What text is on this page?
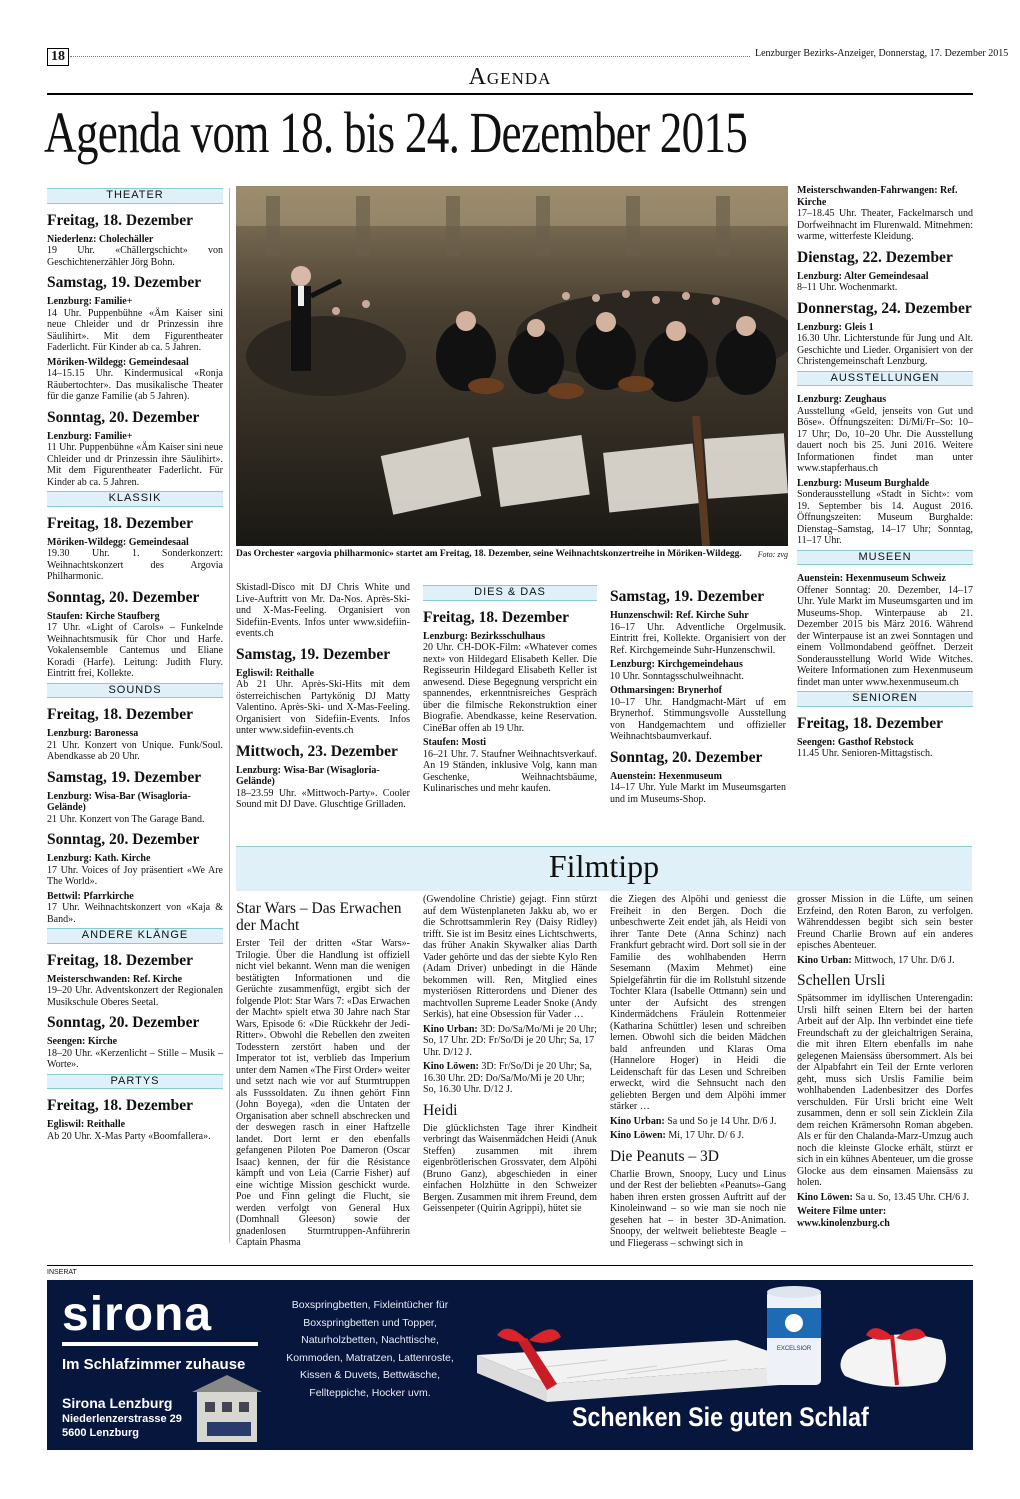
18	Lenzburger Bezirks-Anzeiger, Donnerstag, 17. Dezember 2015
Agenda
Agenda vom 18. bis 24. Dezember 2015
THEATER
Freitag, 18. Dezember
Niederlenz: Cholechäller
19 Uhr. «Chällergschicht» von Geschichtenerzähler Jörg Bohn.
Samstag, 19. Dezember
Lenzburg: Familie+
14 Uhr. Puppenbühne «Äm Kaiser sini neue Chleider und dr Prinzessin ihre Säulihirt». Mit dem Figurentheater Faderlicht. Für Kinder ab ca. 5 Jahren.
Möriken-Wildegg: Gemeindesaal
14–15.15 Uhr. Kindermusical «Ronja Räubertochter». Das musikalische Theater für die ganze Familie (ab 5 Jahren).
Sonntag, 20. Dezember
Lenzburg: Familie+
11 Uhr. Puppenbühne «Äm Kaiser sini neue Chleider und dr Prinzessin ihre Säulihirt». Mit dem Figurentheater Faderlicht. Für Kinder ab ca. 5 Jahren.
KLASSIK
Freitag, 18. Dezember
Möriken-Wildegg: Gemeindesaal
19.30 Uhr. 1. Sonderkonzert: Weihnachtskonzert des Argovia Philharmonic.
Sonntag, 20. Dezember
Staufen: Kirche Staufberg
17 Uhr. «Light of Carols» – Funkelnde Weihnachtsmusik für Chor und Harfe. Vokalensemble Cantemus und Eliane Koradi (Harfe). Leitung: Judith Flury. Eintritt frei, Kollekte.
SOUNDS
Freitag, 18. Dezember
Lenzburg: Baronessa
21 Uhr. Konzert von Unique. Funk/Soul. Abendkasse ab 20 Uhr.
Samstag, 19. Dezember
Lenzburg: Wisa-Bar (Wisagloria-Gelände)
21 Uhr. Konzert von The Garage Band.
Sonntag, 20. Dezember
Lenzburg: Kath. Kirche
17 Uhr. Voices of Joy präsentiert «We Are The World».
Bettwil: Pfarrkirche
17 Uhr. Weihnachtskonzert von «Kaja & Band».
ANDERE KLÄNGE
Freitag, 18. Dezember
Meisterschwanden: Ref. Kirche
19–20 Uhr. Adventskonzert der Regionalen Musikschule Oberes Seetal.
Sonntag, 20. Dezember
Seengen: Kirche
18–20 Uhr. «Kerzenlicht – Stille – Musik – Worte».
PARTYS
Freitag, 18. Dezember
Egliswil: Reithalle
Ab 20 Uhr. X-Mas Party «Boomfallera».
Skistadl-Disco mit DJ Chris White und Live-Auftritt von Mr. Da-Nos. Après-Ski- und X-Mas-Feeling. Organisiert von Sidefiin-Events. Infos unter www.sidefiin-events.ch
Samstag, 19. Dezember
Egliswil: Reithalle
Ab 21 Uhr. Après-Ski-Hits mit dem österreichischen Partykönig DJ Matty Valentino. Après-Ski- und X-Mas-Feeling. Organisiert von Sidefiin-Events. Infos unter www.sidefiin-events.ch
Mittwoch, 23. Dezember
Lenzburg: Wisa-Bar (Wisagloria-Gelände)
18–23.59 Uhr. «Mittwoch-Party». Cooler Sound mit DJ Dave. Gluschtige Grilladen.
DIES & DAS
Freitag, 18. Dezember
Lenzburg: Bezirksschulhaus
20 Uhr. CH-DOK-Film: «Whatever comes next» von Hildegard Elisabeth Keller. Die Regisseurin Hildegard Elisabeth Keller ist anwesend. Diese Begegnung verspricht ein spannendes, erkenntnisreiches Gespräch über die filmische Rekonstruktion einer Biografie. Abendkasse, keine Reservation. CinéBar offen ab 19 Uhr.
Staufen: Mosti
16–21 Uhr. 7. Staufner Weihnachtsverkauf. An 19 Ständen, inklusive Volg, kann man Geschenke, Weihnachtsbäume, Kulinarisches und mehr kaufen.
Samstag, 19. Dezember
Hunzenschwil: Ref. Kirche Suhr
16–17 Uhr. Adventliche Orgelmusik. Eintritt frei, Kollekte. Organisiert von der Ref. Kirchgemeinde Suhr-Hunzenschwil.
Lenzburg: Kirchgemeindehaus
10 Uhr. Sonntagsschulweihnacht.
Othmarsingen: Brynerhof
10–17 Uhr. Handgmacht-Märt uf em Brynerhof. Stimmungsvolle Ausstellung von Handgemachtem und offizieller Weihnachtsbaumverkauf.
Sonntag, 20. Dezember
Auenstein: Hexenmuseum
14–17 Uhr. Yule Markt im Museumsgarten und im Museums-Shop.
Meisterschwanden-Fahrwangen: Ref. Kirche
17–18.45 Uhr. Theater, Fackelmarsch und Dorfweihnacht im Flurenwald. Mitnehmen: warme, witterfeste Kleidung.
Dienstag, 22. Dezember
Lenzburg: Alter Gemeindesaal
8–11 Uhr. Wochenmarkt.
Donnerstag, 24. Dezember
Lenzburg: Gleis 1
16.30 Uhr. Lichterstunde für Jung und Alt. Geschichte und Lieder. Organisiert von der Christengemeinschaft Lenzburg.
AUSSTELLUNGEN
Lenzburg: Zeughaus
Ausstellung «Geld, jenseits von Gut und Böse». Öffnungszeiten: Di/Mi/Fr–So: 10–17 Uhr; Do, 10–20 Uhr. Die Ausstellung dauert noch bis 25. Juni 2016. Weitere Informationen findet man unter www.stapferhaus.ch
Lenzburg: Museum Burghalde
Sonderausstellung «Stadt in Sicht»: vom 19. September bis 14. August 2016. Öffnungszeiten: Museum Burghalde: Dienstag–Samstag, 14–17 Uhr; Sonntag, 11–17 Uhr.
MUSEEN
Auenstein: Hexenmuseum Schweiz
Offener Sonntag: 20. Dezember, 14–17 Uhr. Yule Markt im Museumsgarten und im Museums-Shop. Winterpause ab 21. Dezember 2015 bis März 2016. Während der Winterpause ist an zwei Sonntagen und einem Vollmondabend geöffnet. Derzeit Sonderausstellung World Wide Witches. Weitere Informationen zum Hexenmuseum findet man unter www.hexenmuseum.ch
SENIOREN
Freitag, 18. Dezember
Seengen: Gasthof Rebstock
11.45 Uhr. Senioren-Mittagstisch.
Das Orchester «argovia philharmonic» startet am Freitag, 18. Dezember, seine Weihnachtskonzertreihe in Möriken-Wildegg. Foto: zvg
Filmtipp
Star Wars – Das Erwachen der Macht
Erster Teil der dritten «Star Wars»-Trilogie. Über die Handlung ist offiziell nicht viel bekannt. Wenn man die wenigen bestätigten Informationen und die Gerüchte zusammenfügt, ergibt sich der folgende Plot: Star Wars 7: «Das Erwachen der Macht» spielt etwa 30 Jahre nach Star Wars, Episode 6: «Die Rückkehr der Jedi-Ritter». Obwohl die Rebellen den zweiten Todesstern zerstört haben und der Imperator tot ist, verblieb das Imperium unter dem Namen «The First Order» weiter und setzt nach wie vor auf Sturmtruppen als Fusssoldaten. Zu ihnen gehört Finn (John Boyega), «den die Untaten der Organisation aber schnell abschrecken und der deswegen rasch in einer Haftzelle landet. Dort lernt er den ebenfalls gefangenen Piloten Poe Dameron (Oscar Isaac) kennen, der für die Résistance kämpft und von Leia (Carrie Fisher) auf eine wichtige Mission geschickt wurde. Poe und Finn gelingt die Flucht, sie werden verfolgt von General Hux (Domhnall Gleeson) sowie der gnadenlosen Sturmtruppen-Anführerin Captain Phasma
(Gwendoline Christie) gejagt. Finn stürzt auf dem Wüstenplaneten Jakku ab, wo er die Schrottsammlerin Rey (Daisy Ridley) trifft. Sie ist im Besitz eines Lichtschwerts, das früher Anakin Skywalker alias Darth Vader gehörte und das der siebte Kylo Ren (Adam Driver) unbedingt in die Hände bekommen will. Ren, Mitglied eines mysteriösen Ritterordens und Diener des machtvollen Supreme Leader Snoke (Andy Serkis), hat eine Obsession für Vader …
Kino Urban: 3D: Do/Sa/Mo/Mi je 20 Uhr; So, 17 Uhr. 2D: Fr/So/Di je 20 Uhr; Sa, 17 Uhr. D/12 J.
Kino Löwen: 3D: Fr/So/Di je 20 Uhr; Sa, 16.30 Uhr. 2D: Do/Sa/Mo/Mi je 20 Uhr; So, 16.30 Uhr. D/12 J.
Heidi
Die glücklichsten Tage ihrer Kindheit verbringt das Waisenmädchen Heidi (Anuk Steffen) zusammen mit ihrem eigenbrötlerischen Grossvater, dem Alpöhi (Bruno Ganz), abgeschieden in einer einfachen Holzhütte in den Schweizer Bergen. Zusammen mit ihrem Freund, dem Geissenpeter (Quirin Agrippi), hütet sie
die Ziegen des Alpöhi und geniesst die Freiheit in den Bergen. Doch die unbeschwerte Zeit endet jäh, als Heidi von ihrer Tante Dete (Anna Schinz) nach Frankfurt gebracht wird. Dort soll sie in der Familie des wohlhabenden Herrn Sesemann (Maxim Mehmet) eine Spielgefährtin für die im Rollstuhl sitzende Tochter Klara (Isabelle Ottmann) sein und unter der Aufsicht des strengen Kindermädchens Fräulein Rottenmeier (Katharina Schüttler) lesen und schreiben lernen. Obwohl sich die beiden Mädchen bald anfreunden und Klaras Oma (Hannelore Hoger) in Heidi die Leidenschaft für das Lesen und Schreiben erweckt, wird die Sehnsucht nach den geliebten Bergen und dem Alpöhi immer stärker …
Kino Urban: Sa und So je 14 Uhr. D/6 J.
Kino Löwen: Mi, 17 Uhr. D/ 6 J.
Die Peanuts – 3D
Charlie Brown, Snoopy, Lucy und Linus und der Rest der beliebten «Peanuts»-Gang haben ihren ersten grossen Auftritt auf der Kinoleinwand – so wie man sie noch nie gesehen hat – in bester 3D-Animation. Snoopy, der weltweit beliebteste Beagle – und Fliegerass – schwingt sich in
grosser Mission in die Lüfte, um seinen Erzfeind, den Roten Baron, zu verfolgen. Währenddessen begibt sich sein bester Freund Charlie Brown auf ein anderes episches Abenteuer.
Kino Urban: Mittwoch, 17 Uhr. D/6 J.
Schellen Ursli
Spätsommer im idyllischen Unterengadin: Ursli hilft seinen Eltern bei der harten Arbeit auf der Alp. Ihn verbindet eine tiefe Freundschaft zu der gleichaltrigen Seraina, die mit ihren Eltern ebenfalls im nahe gelegenen Maiensäss übersommert. Als bei der Alpabfahrt ein Teil der Ernte verloren geht, muss sich Urslis Familie beim wohlhabenden Ladenbesitzer des Dorfes verschulden. Für Ursli bricht eine Welt zusammen, denn er soll sein Zicklein Zila dem reichen Krämersohn Roman abgeben. Als er für den Chalanda-Marz-Umzug auch noch die kleinste Glocke erhält, stürzt er sich in ein kühnes Abenteuer, um die grosse Glocke aus dem einsamen Maiensäss zu holen.
Kino Löwen: Sa u. So, 13.45 Uhr. CH/6 J.
Weitere Filme unter: www.kinolenzburg.ch
INSERAT
EXCELSIOR
sirona
Im Schlafzimmer zuhause
Sirona Lenzburg
Niederlenzerstrasse 29
5600 Lenzburg
Boxspringbetten, Fixleintücher für Boxspringbetten und Topper, Naturholzbetten, Nachttische, Kommoden, Matratzen, Lattenroste, Kissen & Duvets, Bettwäsche, Fellteppiche, Hocker uvm.
Schenken Sie guten Schlaf
